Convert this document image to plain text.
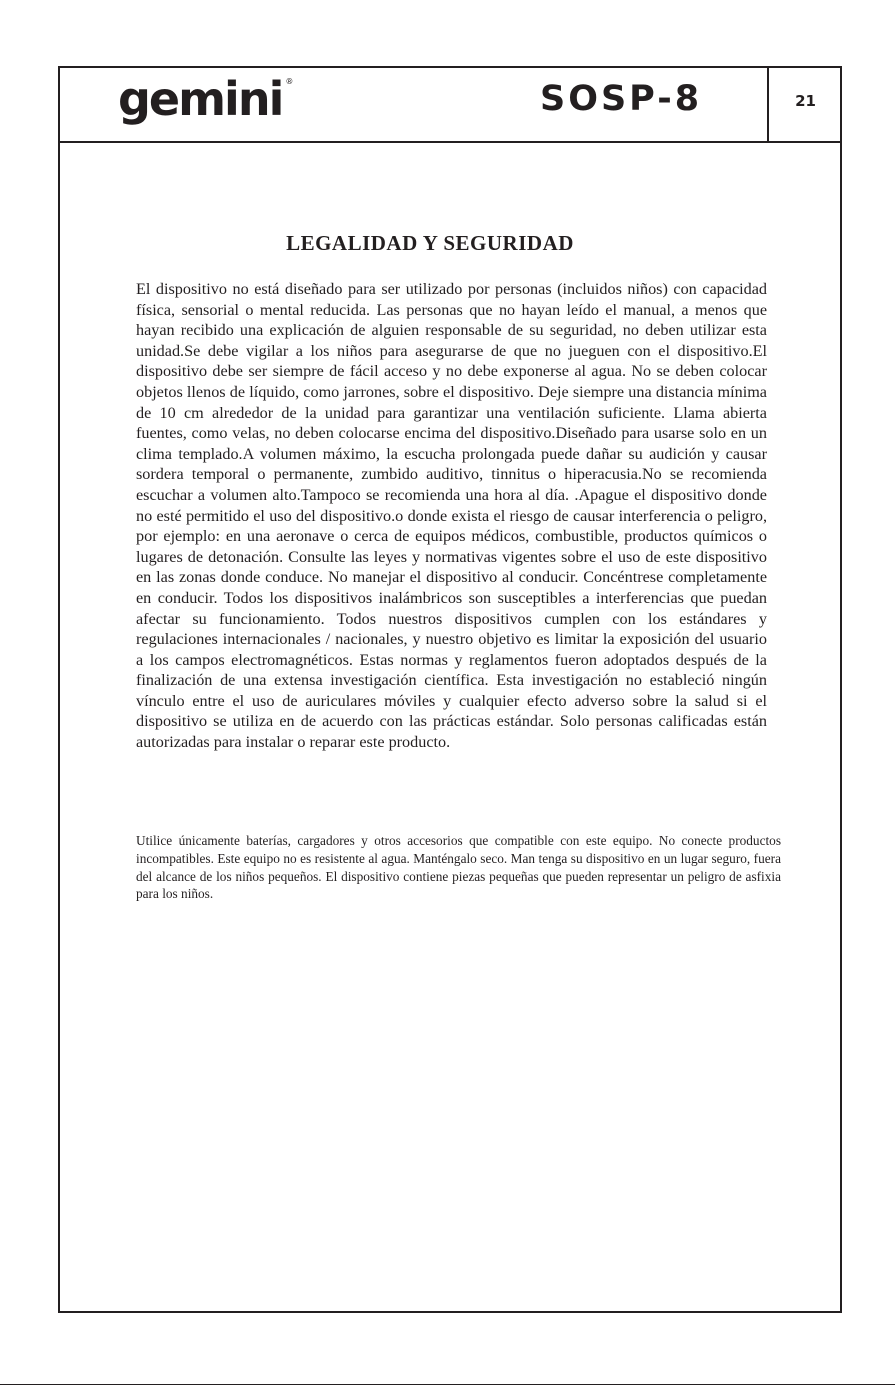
gemini ®	SOSP-8	21
LEGALIDAD Y SEGURIDAD
El dispositivo no está diseñado para ser utilizado por personas (incluidos niños) con capacidad física, sensorial o mental reducida. Las personas que no hayan leído el manual, a menos que hayan recibido una explicación de alguien responsable de su seguridad, no deben utilizar esta unidad.Se debe vigilar a los niños para asegurarse de que no jueguen con el dispositivo.El dispositivo debe ser siempre de fácil acceso y no debe exponerse al agua. No se deben colocar objetos llenos de líquido, como jarrones, sobre el dispositivo. Deje siempre una distancia mínima de 10 cm alrededor de la unidad para garantizar una ventilación suficiente. Llama abierta fuentes, como velas, no deben colocarse encima del dispositivo.Diseñado para usarse solo en un clima templado.A volumen máximo, la escucha prolongada puede dañar su audición y causar sordera temporal o permanente, zumbido auditivo, tinnitus o hiperacusia.No se recomienda escuchar a volumen alto.Tampoco se recomienda una hora al día. .Apague el dispositivo donde no esté permitido el uso del dispositivo.o donde exista el riesgo de causar interferencia o peligro, por ejemplo: en una aeronave o cerca de equipos médicos, combustible, productos químicos o lugares de detonación. Consulte las leyes y normativas vigentes sobre el uso de este dispositivo en las zonas donde conduce. No manejar el dispositivo al conducir. Concéntrese completamente en conducir. Todos los dispositivos inalámbricos son susceptibles a interferencias que puedan afectar su funcionamiento. Todos nuestros dispositivos cumplen con los estándares y regulaciones internacionales / nacionales, y nuestro objetivo es limitar la exposición del usuario a los campos electromagnéticos. Estas normas y reglamentos fueron adoptados después de la finalización de una extensa investigación científica. Esta investigación no estableció ningún vínculo entre el uso de auriculares móviles y cualquier efecto adverso sobre la salud si el dispositivo se utiliza en de acuerdo con las prácticas estándar. Solo personas calificadas están autorizadas para instalar o reparar este producto.
Utilice únicamente baterías, cargadores y otros accesorios que compatible con este equipo. No conecte productos incompatibles. Este equipo no es resistente al agua. Manténgalo seco. Man tenga su dispositivo en un lugar seguro, fuera del alcance de los niños pequeños. El dispositivo contiene piezas pequeñas que pueden representar un peligro de asfixia para los niños.
